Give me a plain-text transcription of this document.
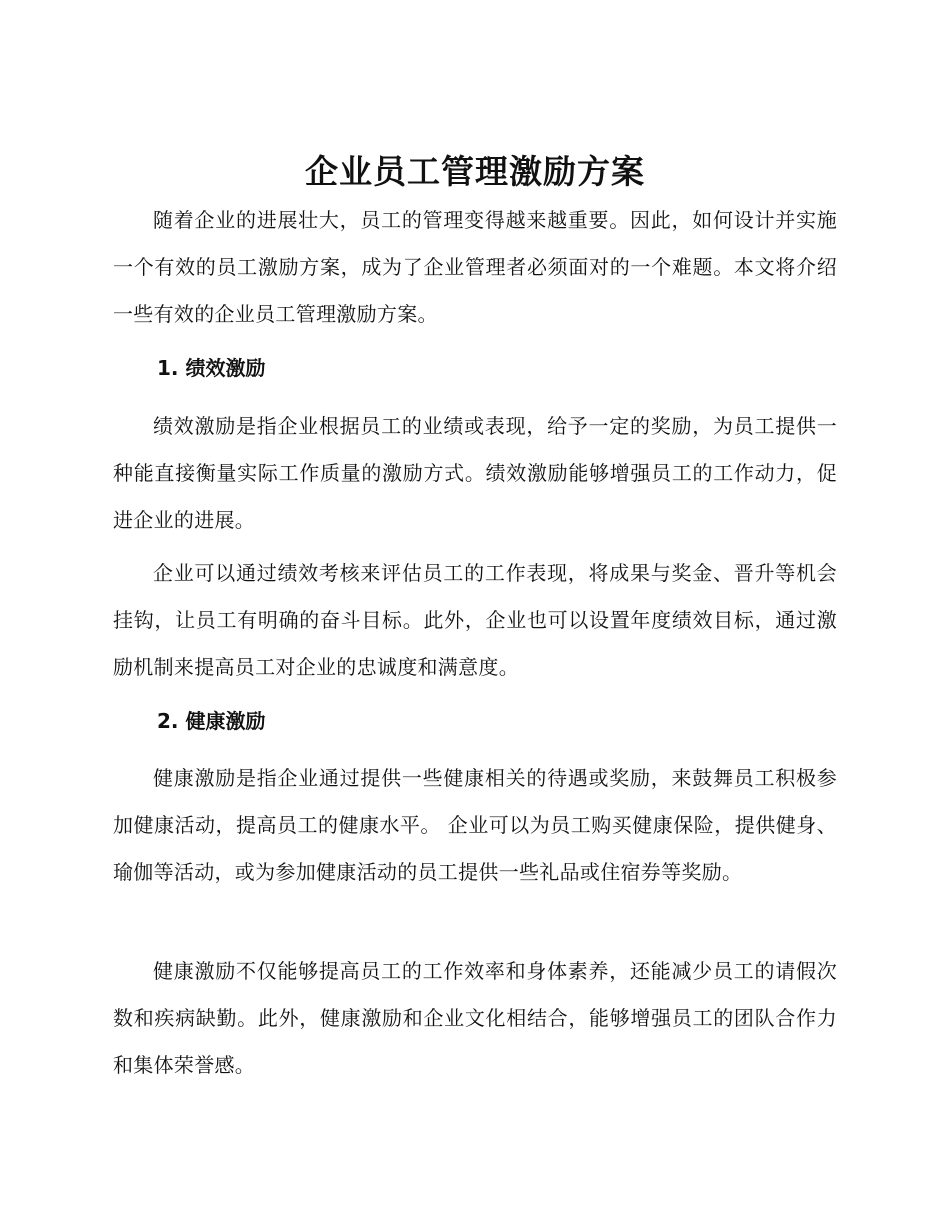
企业员工管理激励方案

随着企业的进展壮大，员工的管理变得越来越重要。因此，如何设计并实施一个有效的员工激励方案，成为了企业管理者必须面对的一个难题。本文将介绍一些有效的企业员工管理激励方案。

1. 绩效激励

绩效激励是指企业根据员工的业绩或表现，给予一定的奖励，为员工提供一种能直接衡量实际工作质量的激励方式。绩效激励能够增强员工的工作动力，促进企业的进展。

企业可以通过绩效考核来评估员工的工作表现，将成果与奖金、晋升等机会挂钩，让员工有明确的奋斗目标。此外，企业也可以设置年度绩效目标，通过激励机制来提高员工对企业的忠诚度和满意度。

2. 健康激励

健康激励是指企业通过提供一些健康相关的待遇或奖励，来鼓舞员工积极参加健康活动，提高员工的健康水平。 企业可以为员工购买健康保险，提供健身、瑜伽等活动，或为参加健康活动的员工提供一些礼品或住宿券等奖励。

健康激励不仅能够提高员工的工作效率和身体素养，还能减少员工的请假次数和疾病缺勤。此外，健康激励和企业文化相结合，能够增强员工的团队合作力和集体荣誉感。
